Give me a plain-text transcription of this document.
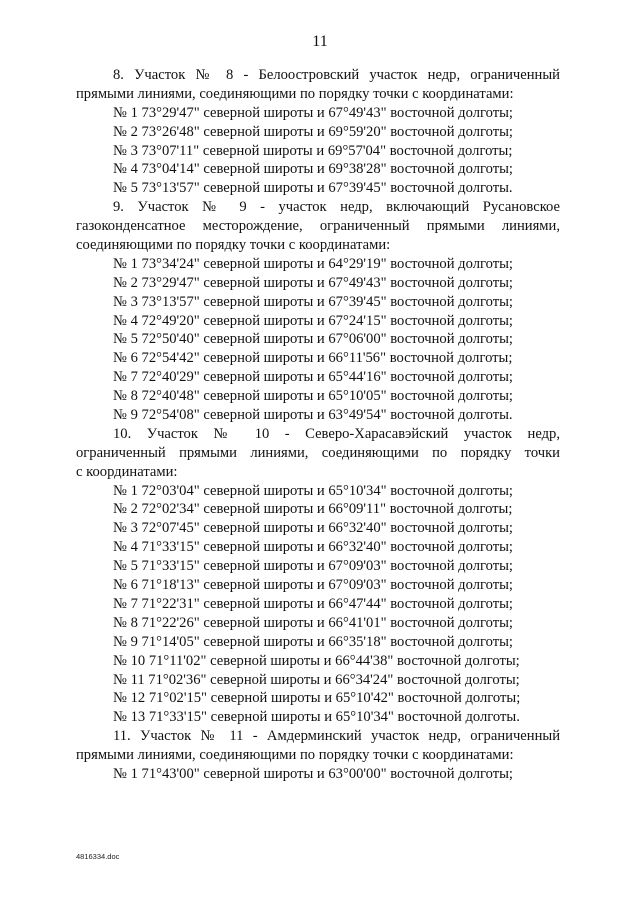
11
8. Участок № 8 - Белоостровский участок недр, ограниченный
прямыми линиями, соединяющими по порядку точки с координатами:
№ 1 73°29'47" северной широты и 67°49'43" восточной долготы;
№ 2 73°26'48" северной широты и 69°59'20" восточной долготы;
№ 3 73°07'11" северной широты и 69°57'04" восточной долготы;
№ 4 73°04'14" северной широты и 69°38'28" восточной долготы;
№ 5 73°13'57" северной широты и 67°39'45" восточной долготы.
9. Участок № 9 - участок недр, включающий Русановское
газоконденсатное месторождение, ограниченный прямыми линиями,
соединяющими по порядку точки с координатами:
№ 1 73°34'24" северной широты и 64°29'19" восточной долготы;
№ 2 73°29'47" северной широты и 67°49'43" восточной долготы;
№ 3 73°13'57" северной широты и 67°39'45" восточной долготы;
№ 4 72°49'20" северной широты и 67°24'15" восточной долготы;
№ 5 72°50'40" северной широты и 67°06'00" восточной долготы;
№ 6 72°54'42" северной широты и 66°11'56" восточной долготы;
№ 7 72°40'29" северной широты и 65°44'16" восточной долготы;
№ 8 72°40'48" северной широты и 65°10'05" восточной долготы;
№ 9 72°54'08" северной широты и 63°49'54" восточной долготы.
10. Участок № 10 - Северо-Харасавэйский участок недр,
ограниченный прямыми линиями, соединяющими по порядку точки
с координатами:
№ 1 72°03'04" северной широты и 65°10'34" восточной долготы;
№ 2 72°02'34" северной широты и 66°09'11" восточной долготы;
№ 3 72°07'45" северной широты и 66°32'40" восточной долготы;
№ 4 71°33'15" северной широты и 66°32'40" восточной долготы;
№ 5 71°33'15" северной широты и 67°09'03" восточной долготы;
№ 6 71°18'13" северной широты и 67°09'03" восточной долготы;
№ 7 71°22'31" северной широты и 66°47'44" восточной долготы;
№ 8 71°22'26" северной широты и 66°41'01" восточной долготы;
№ 9 71°14'05" северной широты и 66°35'18" восточной долготы;
№ 10 71°11'02" северной широты и 66°44'38" восточной долготы;
№ 11 71°02'36" северной широты и 66°34'24" восточной долготы;
№ 12 71°02'15" северной широты и 65°10'42" восточной долготы;
№ 13 71°33'15" северной широты и 65°10'34" восточной долготы.
11. Участок № 11 - Амдерминский участок недр, ограниченный
прямыми линиями, соединяющими по порядку точки с координатами:
№ 1 71°43'00" северной широты и 63°00'00" восточной долготы;
4816334.doc
